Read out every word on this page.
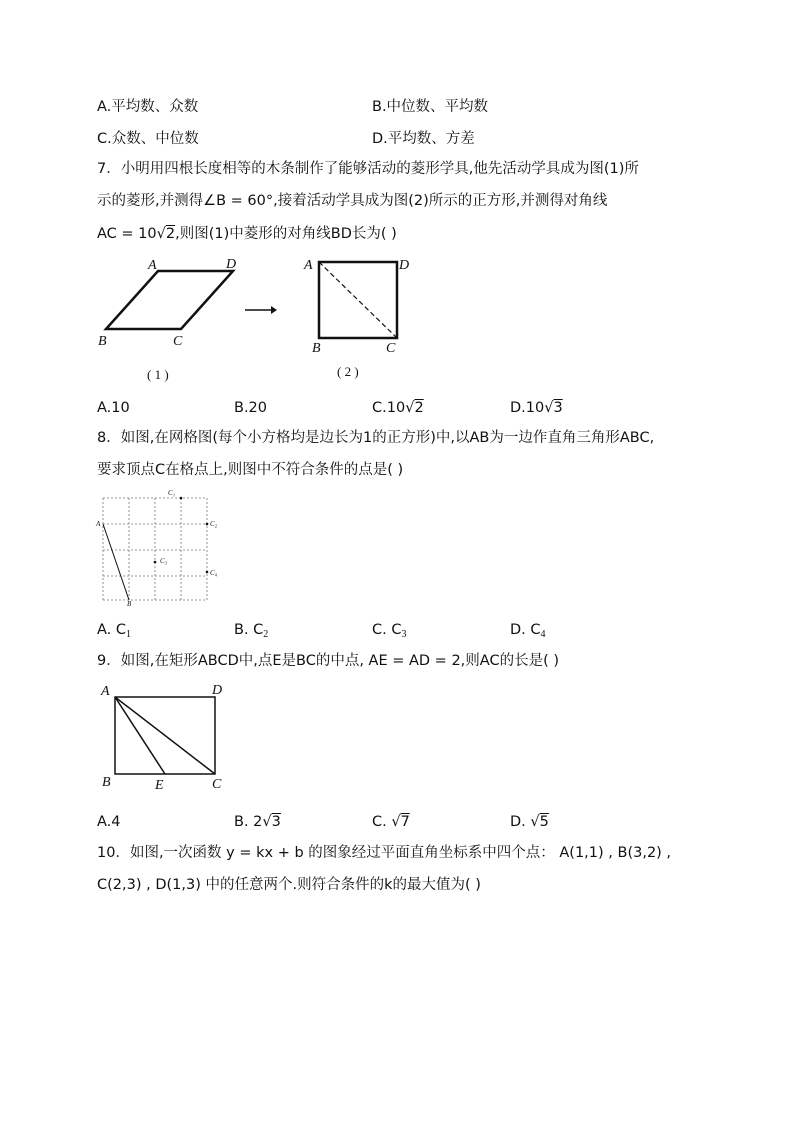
A.平均数、众数	B.中位数、平均数
C.众数、中位数	D.平均数、方差
7．小明用四根长度相等的木条制作了能够活动的菱形学具,他先活动学具成为图(1)所
示的菱形,并测得∠B = 60°,接着活动学具成为图(2)所示的正方形,并测得对角线
AC = 10√2,则图(1)中菱形的对角线BD长为( )
A	D
B	C
( 1 )
A	D
B	C
( 2 )
A.10	B.20	C.10√2	D.10√3
8．如图,在网格图(每个小方格均是边长为1的正方形)中,以AB为一边作直角三角形ABC,
要求顶点C在格点上,则图中不符合条件的点是( )
A
B
C₁
C₂
C₃
C₄
A. $C_1$	B. $C_2$	C. $C_3$	D. $C_4$
9．如图,在矩形ABCD中,点E是BC的中点, AE = AD = 2,则AC的长是( )
A	D
B	E	C
A.4	B. 2√3	C. √7	D. √5
10．如图,一次函数 y = kx + b 的图象经过平面直角坐标系中四个点： A(1,1) , B(3,2) ,
C(2,3) , D(1,3) 中的任意两个.则符合条件的k的最大值为( )
